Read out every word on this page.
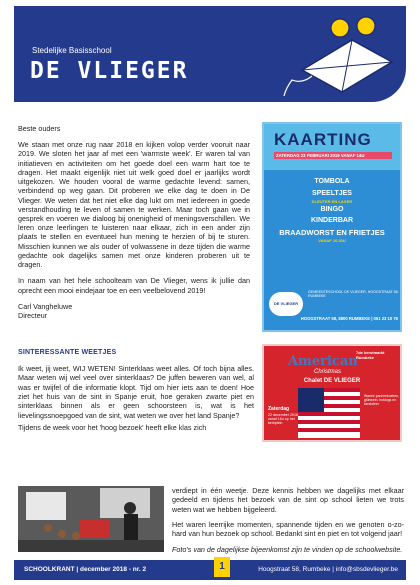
Stedelijke Basisschool
DE VLIEGER

Beste ouders

We staan met onze rug naar 2018 en kijken volop verder vooruit naar 2019. We sloten het jaar af met een 'warmste week'. Er waren tal van initiatieven en activiteiten om het goede doel een warm hart toe te dragen. Het maakt eigenlijk niet uit welk goed doel er jaarlijks wordt uitgekozen. We houden vooral de warme gedachte levend: samen, verbindend op weg gaan. Dit proberen we elke dag te doen in De Vlieger. We weten dat het niet elke dag lukt om met iedereen in goede verstandhouding te leven of samen te werken. Maar toch gaan we in gesprek en voeren we dialoog bij onenigheid of meningsverschillen. We leren onze leerlingen te luisteren naar elkaar, zich in een ander zijn plaats te stellen en eventueel hun mening te herzien of bij te sturen. Misschien kunnen we als ouder of volwassene in deze tijden die warme gedachte ook dagelijks samen met onze kinderen proberen uit te dragen.

In naam van het hele schoolteam van De Vlieger, wens ik jullie dan oprecht een mooi eindejaar toe en een veelbelovend 2019!

Carl Vangheluwe
Directeur
KAARTING
ZATERDAG 23 FEBRUARI 2019 VANAF 14U
TOMBOLA
SPEELTJES
KLEUTER EN LAGER
BINGO
KINDERBAR
BRAADWORST EN FRIETJES
VANAF 16.30U
DE VLIEGER
GEMEENTESCHOOL DE VLIEGER, HOOGSTRAAT 58, RUMBEKE
HOOGSTRAAT 58, 8800 RUMBEKE | 051 23 10 76
SINTERESSANTE WEETJES

Ik weet, jij weet, WIJ WETEN! Sinterklaas weet alles. Of toch bijna alles. Maar weten wij wel veel over sinterklaas? De juffen beweren van wel, al was er twijfel of die informatie klopt. Tijd om hier iets aan te doen! Hoe ziet het huis van de sint in Spanje eruit, hoe geraken zwarte piet en sinterklaas binnen als er geen schoorsteen is, wat is het lievelingssnoepgoed van de sint, wat weten we over het land Spanje?

Tijdens de week voor het 'hoog bezoek' heeft elke klas zich

7de kerstmarkt Rumbeke
American
Christmas
Chalet DE VLIEGER
Zaterdag
22 december 2018 vanaf 16u op het kerkplein
Warme pannenkoeken, glühwein, hotdogs en kerstsfeer

verdiept in één weetje. Deze kennis hebben we dagelijks met elkaar gedeeld en tijdens het bezoek van de sint op school lieten we trots weten wat we hebben bijgeleerd.

Het waren leerrijke momenten, spannende tijden en we genoten o-zo-hard van hun bezoek op school. Bedankt sint en piet en tot volgend jaar!

Foto's van de dagelijkse bijeenkomst zijn te vinden op de schoolwebsite.

SCHOOLKRANT | december 2018 - nr. 2	1	Hoogstraat 58, Rumbeke | info@sbsdevlieger.be
